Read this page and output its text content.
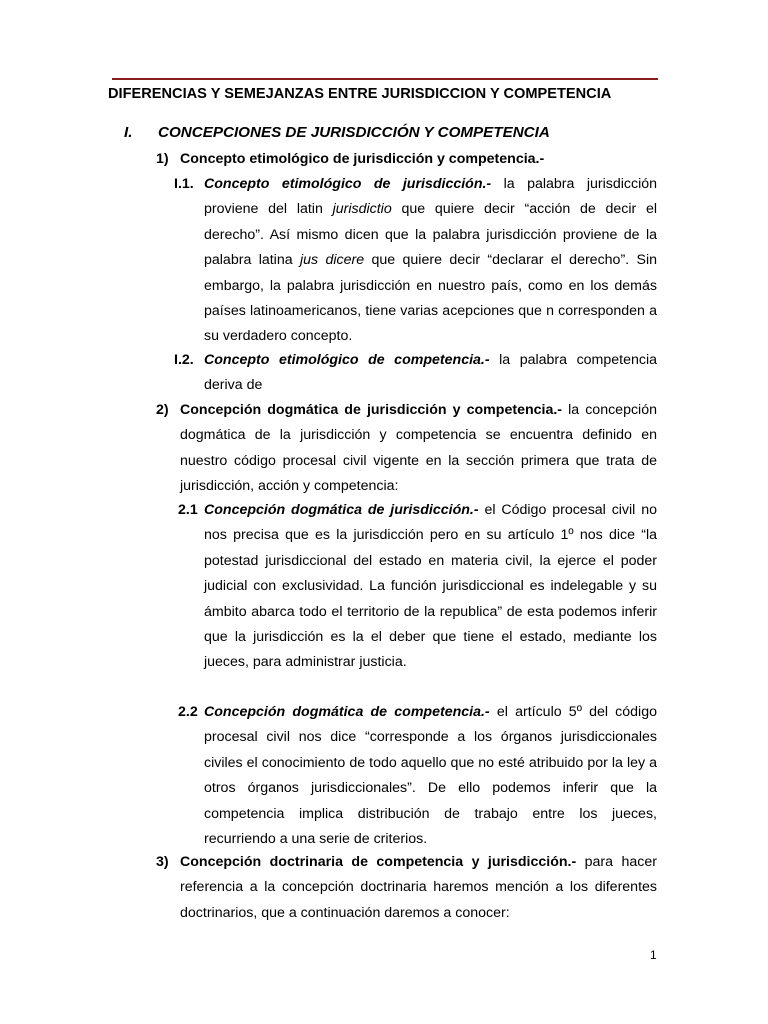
DIFERENCIAS Y SEMEJANZAS ENTRE JURISDICCION Y COMPETENCIA
I. CONCEPCIONES DE JURISDICCIÓN Y COMPETENCIA
1) Concepto etimológico de jurisdicción y competencia.-

I.1. Concepto etimológico de jurisdicción.- la palabra jurisdicción proviene del latin jurisdictio que quiere decir “acción de decir el derecho”. Así mismo dicen que la palabra jurisdicción proviene de la palabra latina jus dicere que quiere decir “declarar el derecho”. Sin embargo, la palabra jurisdicción en nuestro país, como en los demás países latinoamericanos, tiene varias acepciones que n corresponden a su verdadero concepto.

I.2. Concepto etimológico de competencia.- la palabra competencia deriva de

2) Concepción dogmática de jurisdicción y competencia.- la concepción dogmática de la jurisdicción y competencia se encuentra definido en nuestro código procesal civil vigente en la sección primera que trata de jurisdicción, acción y competencia:

2.1 Concepción dogmática de jurisdicción.- el Código procesal civil no nos precisa que es la jurisdicción pero en su artículo 1º nos dice “la potestad jurisdiccional del estado en materia civil, la ejerce el poder judicial con exclusividad. La función jurisdiccional es indelegable y su ámbito abarca todo el territorio de la republica” de esta podemos inferir que la jurisdicción es la el deber que tiene el estado, mediante los jueces, para administrar justicia.

2.2 Concepción dogmática de competencia.- el artículo 5º del código procesal civil nos dice “corresponde a los órganos jurisdiccionales civiles el conocimiento de todo aquello que no esté atribuido por la ley a otros órganos jurisdiccionales”. De ello podemos inferir que la competencia implica distribución de trabajo entre los jueces, recurriendo a una serie de criterios.

3) Concepción doctrinaria de competencia y jurisdicción.- para hacer referencia a la concepción doctrinaria haremos mención a los diferentes doctrinarios, que a continuación daremos a conocer:

1
